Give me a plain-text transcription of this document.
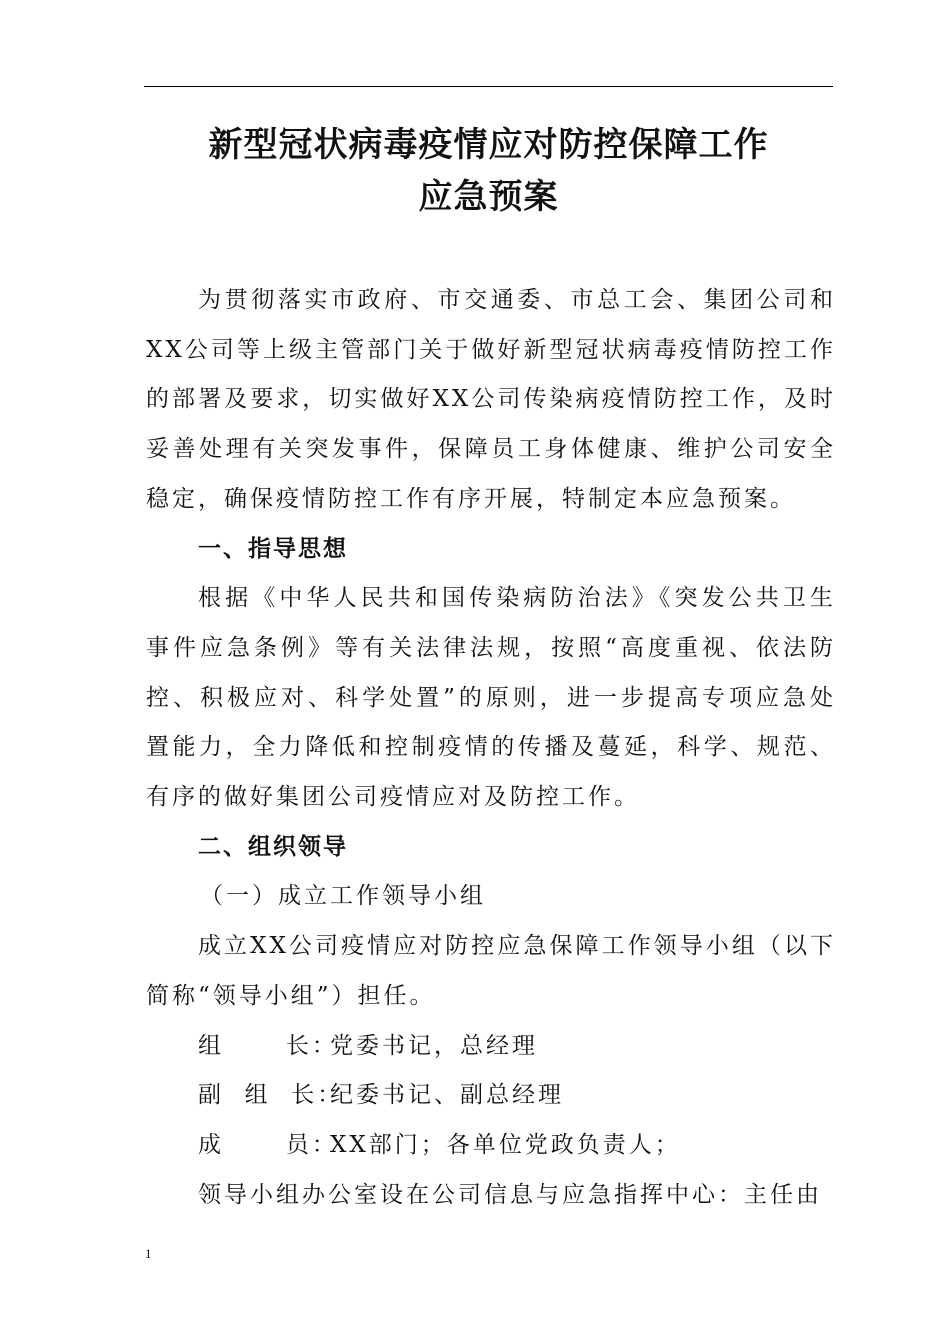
新型冠状病毒疫情应对防控保障工作
应急预案

为贯彻落实市政府、市交通委、市总工会、集团公司和XX公司等上级主管部门关于做好新型冠状病毒疫情防控工作的部署及要求，切实做好XX公司传染病疫情防控工作，及时妥善处理有关突发事件，保障员工身体健康、维护公司安全稳定，确保疫情防控工作有序开展，特制定本应急预案。

一、指导思想

根据《中华人民共和国传染病防治法》《突发公共卫生事件应急条例》等有关法律法规，按照“高度重视、依法防控、积极应对、科学处置”的原则，进一步提高专项应急处置能力，全力降低和控制疫情的传播及蔓延，科学、规范、有序的做好集团公司疫情应对及防控工作。

二、组织领导

（一）成立工作领导小组

成立XX公司疫情应对防控应急保障工作领导小组（以下简称“领导小组”）担任。

组      长：
党委书记，总经理

副  组  长：
纪委书记、副总经理

成      员：
XX部门；各单位党政负责人；

领导小组办公室设在公司信息与应急指挥中心：主任由

1
